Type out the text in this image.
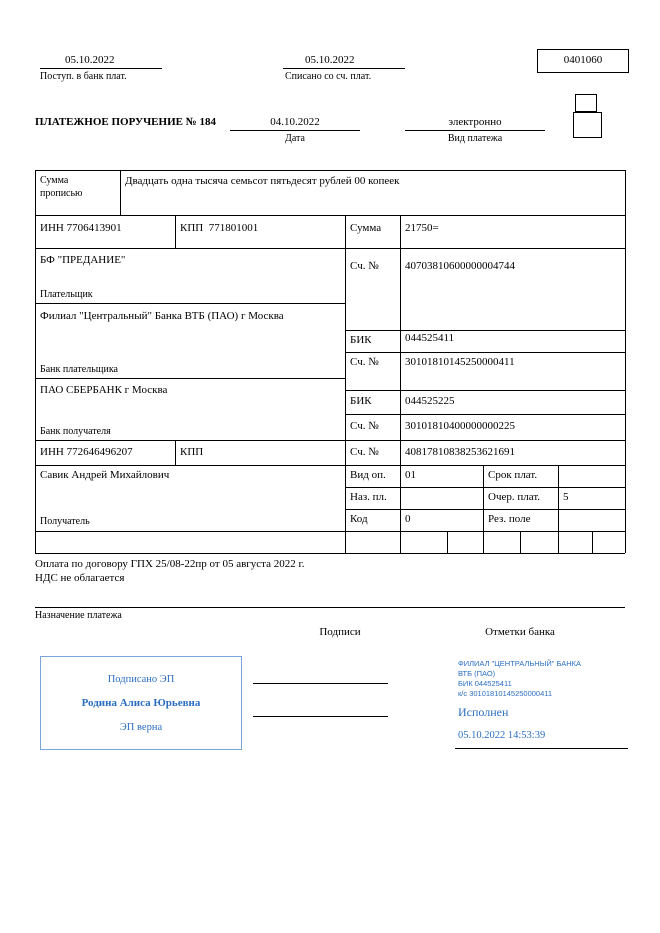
05.10.2022
Поступ. в банк плат.
05.10.2022
Списано со сч. плат.
0401060
ПЛАТЕЖНОЕ ПОРУЧЕНИЕ № 184	04.10.2022
Дата
электронно
Вид платежа
Сумма
прописью
Двадцать одна тысяча семьсот пятьдесят рублей 00 копеек
ИНН 7706413901	КПП  771801001	Сумма 21750=
БФ "ПРЕДАНИЕ"
Плательщик
Сч. № 40703810600000004744
Филиал "Центральный" Банка ВТБ (ПАО) г Москва
Банк плательщика
БИК	044525411
Сч. № 30101810145250000411
ПАО СБЕРБАНК г Москва
Банк получателя
БИК	044525225
Сч. № 30101810400000000225
ИНН 772646496207	КПП	Сч. № 40817810838253621691
Савик Андрей Михайлович
Получатель
Вид оп. 01	Срок плат.
Наз. пл.	Очер. плат. 5
Код	0	Рез. поле
Оплата по договору ГПХ 25/08-22пр от 05 августа 2022 г.
НДС не облагается
Назначение платежа
Подписи	Отметки банка
Подписано ЭП
Родина Алиса Юрьевна
ЭП верна
ФИЛИАЛ "ЦЕНТРАЛЬНЫЙ" БАНКА
ВТБ (ПАО)
БИК 044525411
к/с 30101810145250000411
Исполнен
05.10.2022 14:53:39
